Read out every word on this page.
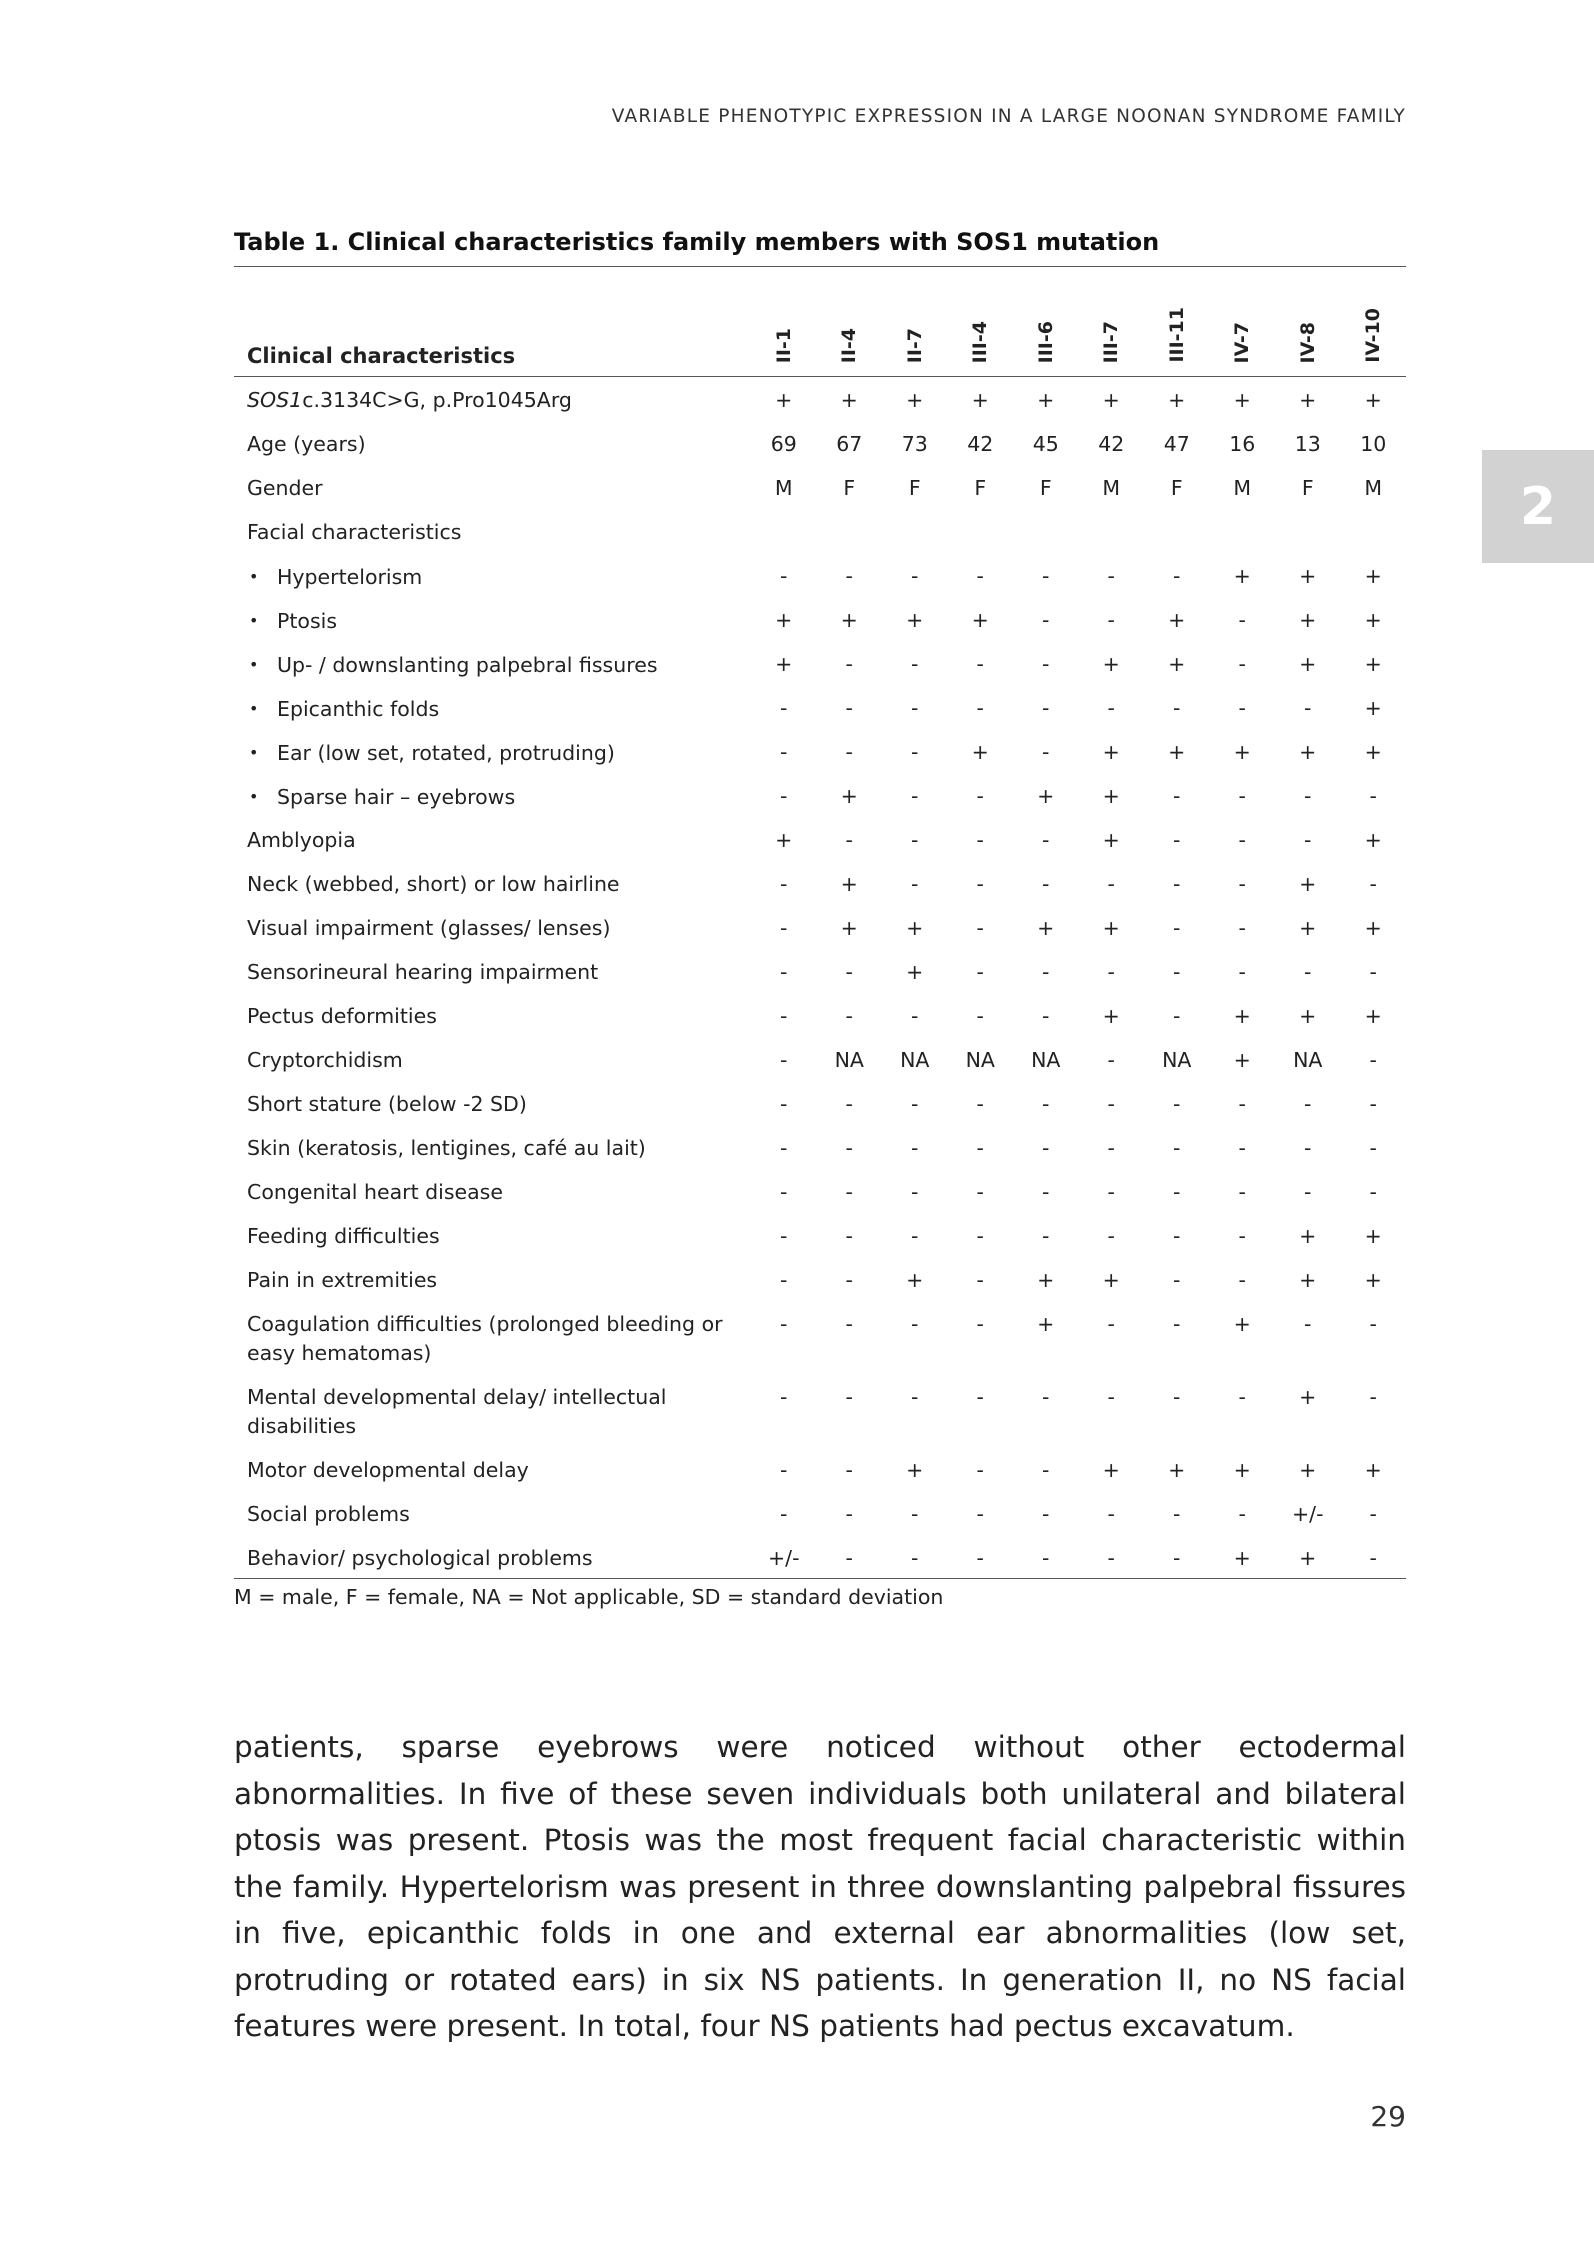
VARIABLE PHENOTYPIC EXPRESSION IN A LARGE NOONAN SYNDROME FAMILY
2
Table 1. Clinical characteristics family members with SOS1 mutation
Clinical characteristics	II-1	II-4	II-7	III-4	III-6	III-7	III-11	IV-7	IV-8	IV-10
SOS1c.3134C>G, p.Pro1045Arg	+	+	+	+	+	+	+	+	+	+
Age (years)	69	67	73	42	45	42	47	16	13	10
Gender	M	F	F	F	F	M	F	M	F	M
Facial characteristics										
• Hypertelorism	-	-	-	-	-	-	-	+	+	+
• Ptosis	+	+	+	+	-	-	+	-	+	+
• Up- / downslanting palpebral fissures	+	-	-	-	-	+	+	-	+	+
• Epicanthic folds	-	-	-	-	-	-	-	-	-	+
• Ear (low set, rotated, protruding)	-	-	-	+	-	+	+	+	+	+
• Sparse hair – eyebrows	-	+	-	-	+	+	-	-	-	-
Amblyopia	+	-	-	-	-	+	-	-	-	+
Neck (webbed, short) or low hairline	-	+	-	-	-	-	-	-	+	-
Visual impairment (glasses/ lenses)	-	+	+	-	+	+	-	-	+	+
Sensorineural hearing impairment	-	-	+	-	-	-	-	-	-	-
Pectus deformities	-	-	-	-	-	+	-	+	+	+
Cryptorchidism	-	NA	NA	NA	NA	-	NA	+	NA	-
Short stature (below -2 SD)	-	-	-	-	-	-	-	-	-	-
Skin (keratosis, lentigines, café au lait)	-	-	-	-	-	-	-	-	-	-
Congenital heart disease	-	-	-	-	-	-	-	-	-	-
Feeding difficulties	-	-	-	-	-	-	-	-	+	+
Pain in extremities	-	-	+	-	+	+	-	-	+	+
Coagulation difficulties (prolonged bleeding or easy hematomas)	-	-	-	-	+	-	-	+	-	-
Mental developmental delay/ intellectual disabilities	-	-	-	-	-	-	-	-	+	-
Motor developmental delay	-	-	+	-	-	+	+	+	+	+
Social problems	-	-	-	-	-	-	-	-	+/-	-
Behavior/ psychological problems	+/-	-	-	-	-	-	-	+	+	-
M = male, F = female, NA = Not applicable, SD = standard deviation

patients, sparse eyebrows were noticed without other ectodermal abnormalities. In five of these seven individuals both unilateral and bilateral ptosis was present. Ptosis was the most frequent facial characteristic within the family. Hypertelorism was present in three downslanting palpebral fissures in five, epicanthic folds in one and external ear abnormalities (low set, protruding or rotated ears) in six NS patients. In generation II, no NS facial features were present. In total, four NS patients had pectus excavatum.

29
